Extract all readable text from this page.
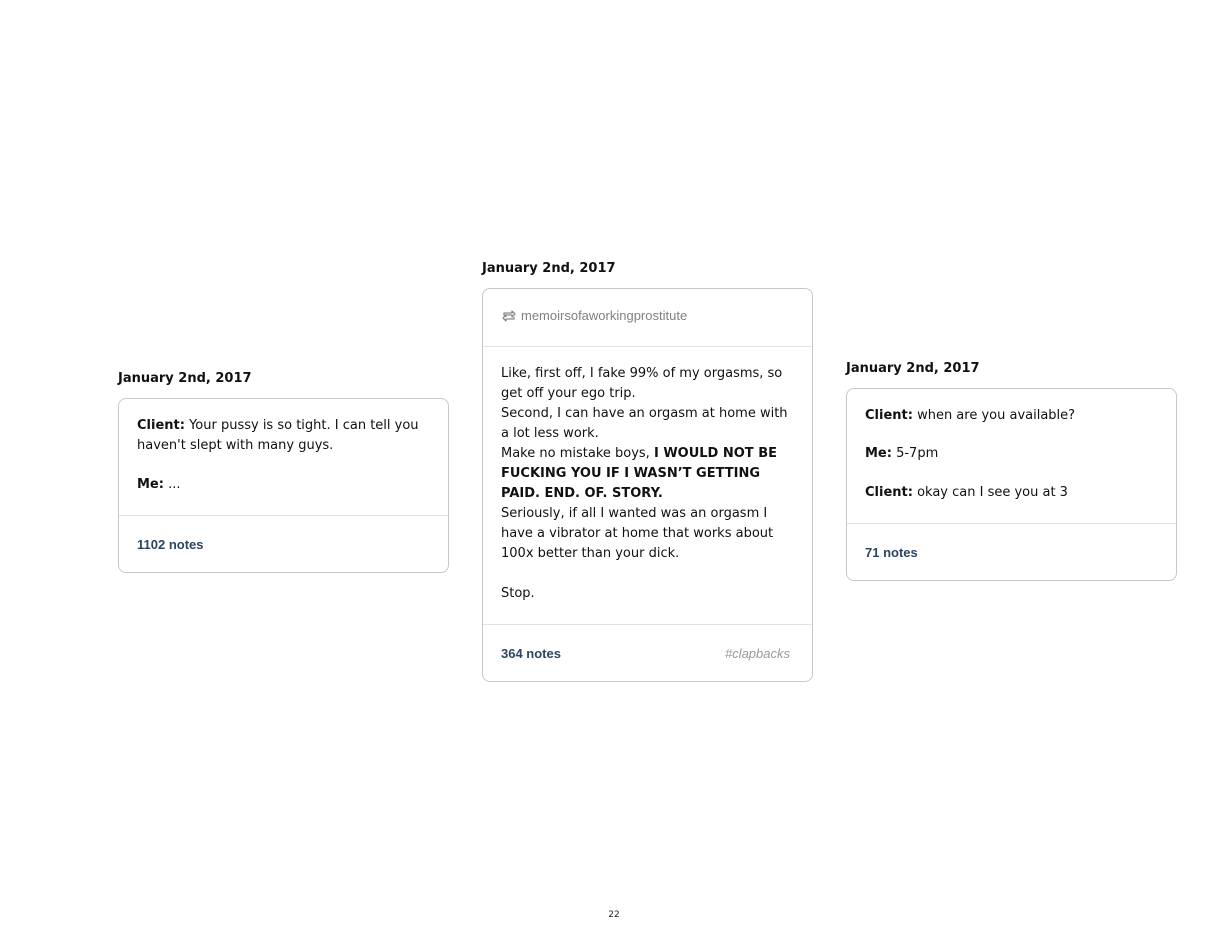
January 2nd, 2017

Client: Your pussy is so tight. I can tell you haven't slept with many guys.

Me: ...

1102 notes
January 2nd, 2017
memoirsofaworkingprostitute

Like, first off, I fake 99% of my orgasms, so get off your ego trip.

Second, I can have an orgasm at home with a lot less work.

Make no mistake boys, I WOULD NOT BE FUCKING YOU IF I WASN’T GETTING PAID. END. OF. STORY.

Seriously, if all I wanted was an orgasm I have a vibrator at home that works about 100x better than your dick.

Stop.

364 notes	#clapbacks
January 2nd, 2017

Client: when are you available?

Me: 5-7pm

Client: okay can I see you at 3

71 notes
22
